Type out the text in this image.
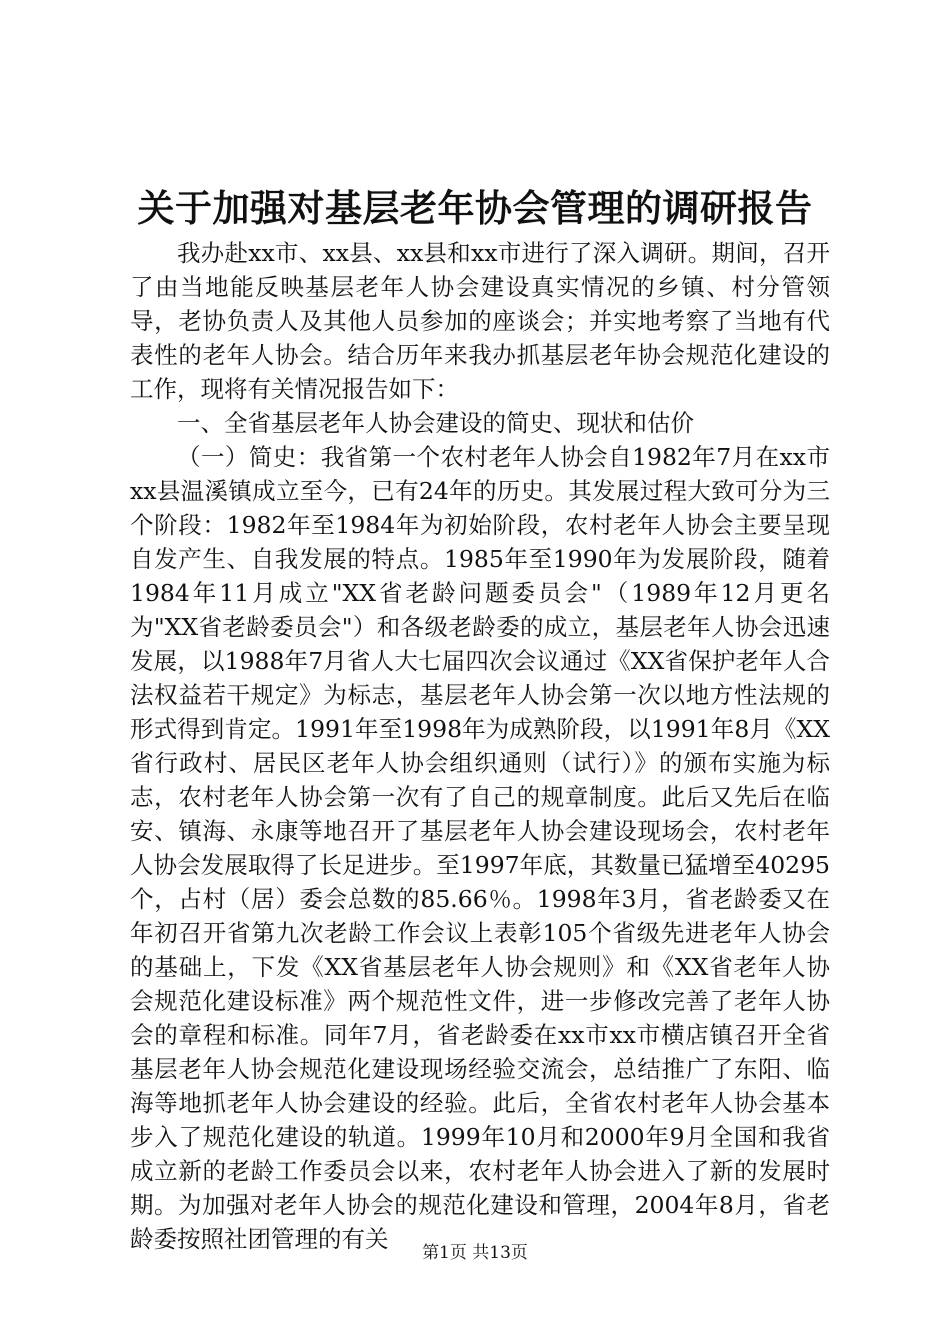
关于加强对基层老年协会管理的调研报告

我办赴xx市、xx县、xx县和xx市进行了深入调研。期间，召开了由当地能反映基层老年人协会建设真实情况的乡镇、村分管领导，老协负责人及其他人员参加的座谈会；并实地考察了当地有代表性的老年人协会。结合历年来我办抓基层老年协会规范化建设的工作，现将有关情况报告如下：

一、全省基层老年人协会建设的简史、现状和估价

（一）简史：我省第一个农村老年人协会自1982年7月在xx市xx县温溪镇成立至今，已有24年的历史。其发展过程大致可分为三个阶段：1982年至1984年为初始阶段，农村老年人协会主要呈现自发产生、自我发展的特点。1985年至1990年为发展阶段，随着1984年11月成立"XX省老龄问题委员会"（1989年12月更名为"XX省老龄委员会"）和各级老龄委的成立，基层老年人协会迅速发展，以1988年7月省人大七届四次会议通过《XX省保护老年人合法权益若干规定》为标志，基层老年人协会第一次以地方性法规的形式得到肯定。1991年至1998年为成熟阶段，以1991年8月《XX省行政村、居民区老年人协会组织通则（试行）》的颁布实施为标志，农村老年人协会第一次有了自己的规章制度。此后又先后在临安、镇海、永康等地召开了基层老年人协会建设现场会，农村老年人协会发展取得了长足进步。至1997年底，其数量已猛增至40295个，占村（居）委会总数的85.66％。1998年3月，省老龄委又在年初召开省第九次老龄工作会议上表彰105个省级先进老年人协会的基础上，下发《XX省基层老年人协会规则》和《XX省老年人协会规范化建设标准》两个规范性文件，进一步修改完善了老年人协会的章程和标准。同年7月，省老龄委在xx市xx市横店镇召开全省基层老年人协会规范化建设现场经验交流会，总结推广了东阳、临海等地抓老年人协会建设的经验。此后，全省农村老年人协会基本步入了规范化建设的轨道。1999年10月和2000年9月全国和我省成立新的老龄工作委员会以来，农村老年人协会进入了新的发展时期。为加强对老年人协会的规范化建设和管理，2004年8月，省老龄委按照社团管理的有关	第1页 共13页
